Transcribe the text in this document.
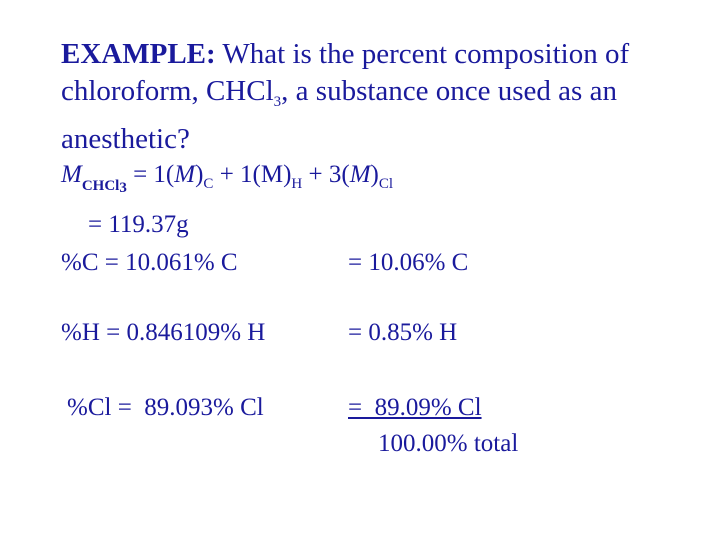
EXAMPLE: What is the percent composition of chloroform, CHCl$_3$, a substance once used as an anesthetic?
$M_{CHCl3} = 1(M)_C + 1(M)_H + 3(M)_{Cl}$
= 119.37g
%C = 10.061% C	= 10.06% C
%H = 0.846109% H	= 0.85% H
%Cl =  89.093% Cl	=  89.09% Cl
100.00% total
